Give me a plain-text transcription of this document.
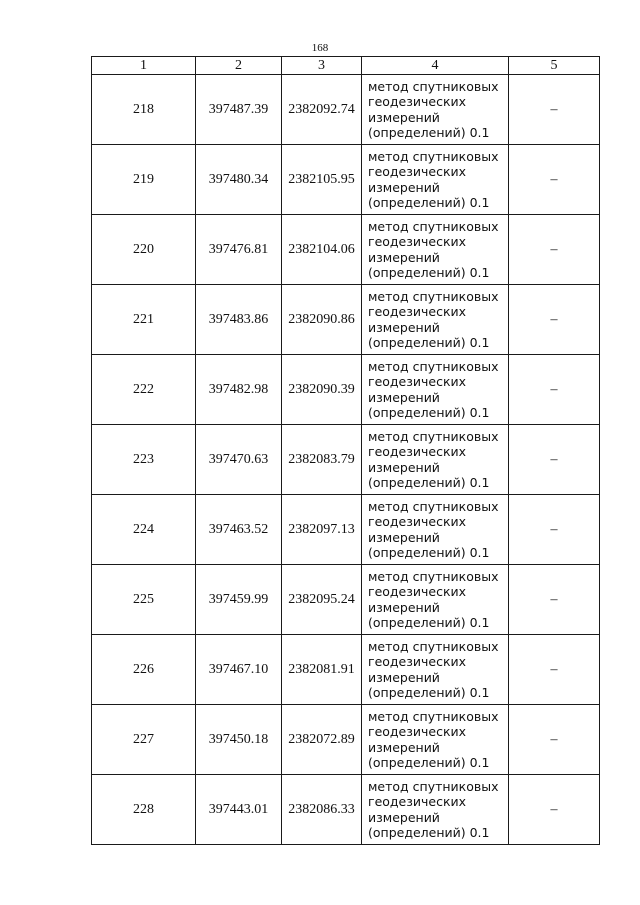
168
1	2	3	4	5
218	397487.39	2382092.74	метод спутниковых
геодезических
измерений
(определений) 0.1	–
219	397480.34	2382105.95	метод спутниковых
геодезических
измерений
(определений) 0.1	–
220	397476.81	2382104.06	метод спутниковых
геодезических
измерений
(определений) 0.1	–
221	397483.86	2382090.86	метод спутниковых
геодезических
измерений
(определений) 0.1	–
222	397482.98	2382090.39	метод спутниковых
геодезических
измерений
(определений) 0.1	–
223	397470.63	2382083.79	метод спутниковых
геодезических
измерений
(определений) 0.1	–
224	397463.52	2382097.13	метод спутниковых
геодезических
измерений
(определений) 0.1	–
225	397459.99	2382095.24	метод спутниковых
геодезических
измерений
(определений) 0.1	–
226	397467.10	2382081.91	метод спутниковых
геодезических
измерений
(определений) 0.1	–
227	397450.18	2382072.89	метод спутниковых
геодезических
измерений
(определений) 0.1	–
228	397443.01	2382086.33	метод спутниковых
геодезических
измерений
(определений) 0.1	–
